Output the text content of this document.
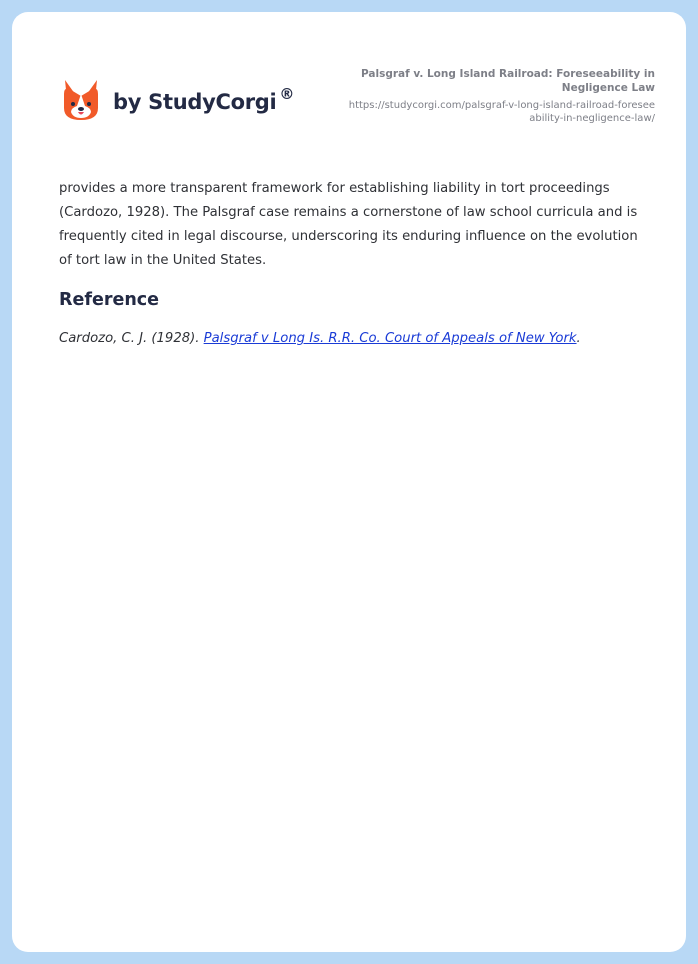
by StudyCorgi ®
Palsgraf v. Long Island Railroad: Foreseeability in Negligence Law
https://studycorgi.com/palsgraf-v-long-island-railroad-foreseeability-in-negligence-law/

provides a more transparent framework for establishing liability in tort proceedings (Cardozo, 1928). The Palsgraf case remains a cornerstone of law school curricula and is frequently cited in legal discourse, underscoring its enduring influence on the evolution of tort law in the United States.

Reference

Cardozo, C. J. (1928). Palsgraf v Long Is. R.R. Co. Court of Appeals of New York.
